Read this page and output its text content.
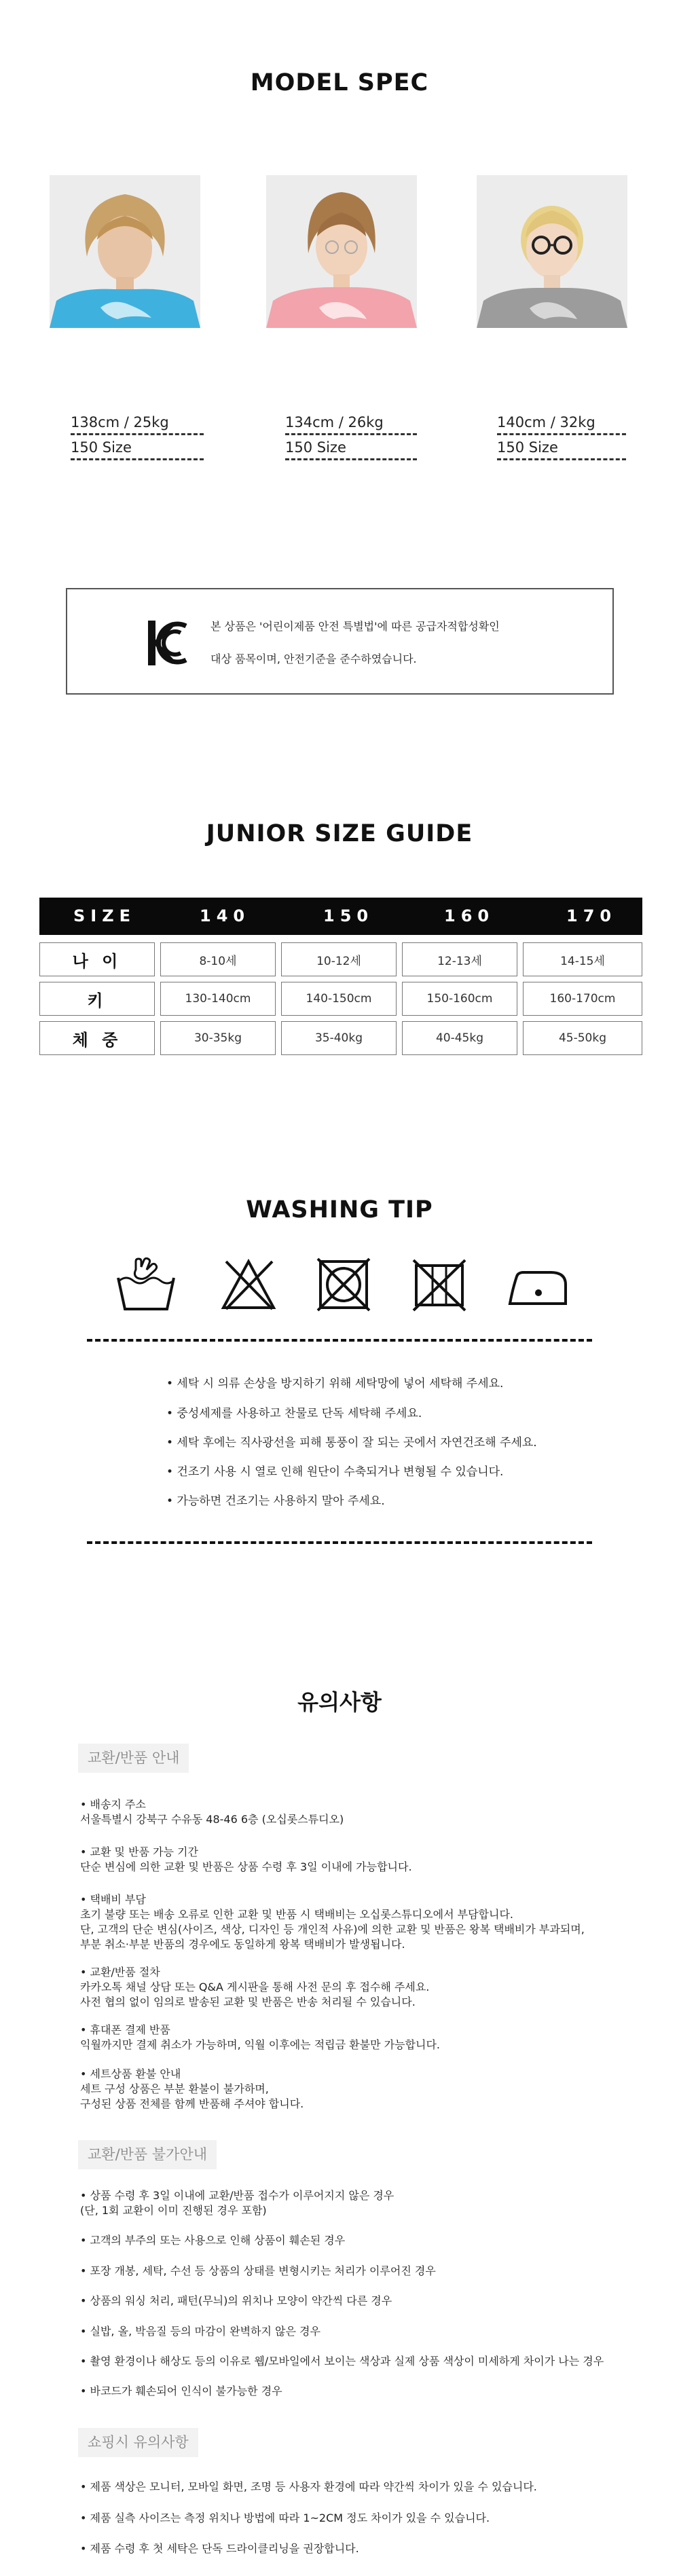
MODEL SPEC
138cm / 25kg
150 Size
134cm / 26kg
150 Size
140cm / 32kg
150 Size
본 상품은 '어린이제품 안전 특별법'에 따른 공급자적합성확인
대상 품목이며, 안전기준을 준수하였습니다.
JUNIOR SIZE GUIDE
SIZE	140	150	160	170
나 이	8-10세	10-12세	12-13세	14-15세
키	130-140cm	140-150cm	150-160cm	160-170cm
체 중	30-35kg	35-40kg	40-45kg	45-50kg
WASHING TIP
• 세탁 시 의류 손상을 방지하기 위해 세탁망에 넣어 세탁해 주세요.
• 중성세제를 사용하고 찬물로 단독 세탁해 주세요.
• 세탁 후에는 직사광선을 피해 통풍이 잘 되는 곳에서 자연건조해 주세요.
• 건조기 사용 시 열로 인해 원단이 수축되거나 변형될 수 있습니다.
• 가능하면 건조기는 사용하지 말아 주세요.
유의사항
교환/반품 안내
• 배송지 주소
서울특별시 강북구 수유동 48-46 6층 (오십롯스튜디오)
• 교환 및 반품 가능 기간
단순 변심에 의한 교환 및 반품은 상품 수령 후 3일 이내에 가능합니다.
• 택배비 부담
초기 불량 또는 배송 오류로 인한 교환 및 반품 시 택배비는 오십롯스튜디오에서 부담합니다.
단, 고객의 단순 변심(사이즈, 색상, 디자인 등 개인적 사유)에 의한 교환 및 반품은 왕복 택배비가 부과되며,
부분 취소·부분 반품의 경우에도 동일하게 왕복 택배비가 발생됩니다.
• 교환/반품 절차
카카오톡 채널 상담 또는 Q&A 게시판을 통해 사전 문의 후 접수해 주세요.
사전 협의 없이 임의로 발송된 교환 및 반품은 반송 처리될 수 있습니다.
• 휴대폰 결제 반품
익월까지만 결제 취소가 가능하며, 익월 이후에는 적립금 환불만 가능합니다.
• 세트상품 환불 안내
세트 구성 상품은 부분 환불이 불가하며,
구성된 상품 전체를 함께 반품해 주셔야 합니다.
교환/반품 불가안내
• 상품 수령 후 3일 이내에 교환/반품 접수가 이루어지지 않은 경우
(단, 1회 교환이 이미 진행된 경우 포함)
• 고객의 부주의 또는 사용으로 인해 상품이 훼손된 경우
• 포장 개봉, 세탁, 수선 등 상품의 상태를 변형시키는 처리가 이루어진 경우
• 상품의 워싱 처리, 패턴(무늬)의 위치나 모양이 약간씩 다른 경우
• 실밥, 올, 박음질 등의 마감이 완벽하지 않은 경우
• 촬영 환경이나 해상도 등의 이유로 웹/모바일에서 보이는 색상과 실제 상품 색상이 미세하게 차이가 나는 경우
• 바코드가 훼손되어 인식이 불가능한 경우
쇼핑시 유의사항
• 제품 색상은 모니터, 모바일 화면, 조명 등 사용자 환경에 따라 약간씩 차이가 있을 수 있습니다.
• 제품 실측 사이즈는 측정 위치나 방법에 따라 1~2CM 정도 차이가 있을 수 있습니다.
• 제품 수령 후 첫 세탁은 단독 드라이클리닝을 권장합니다.
